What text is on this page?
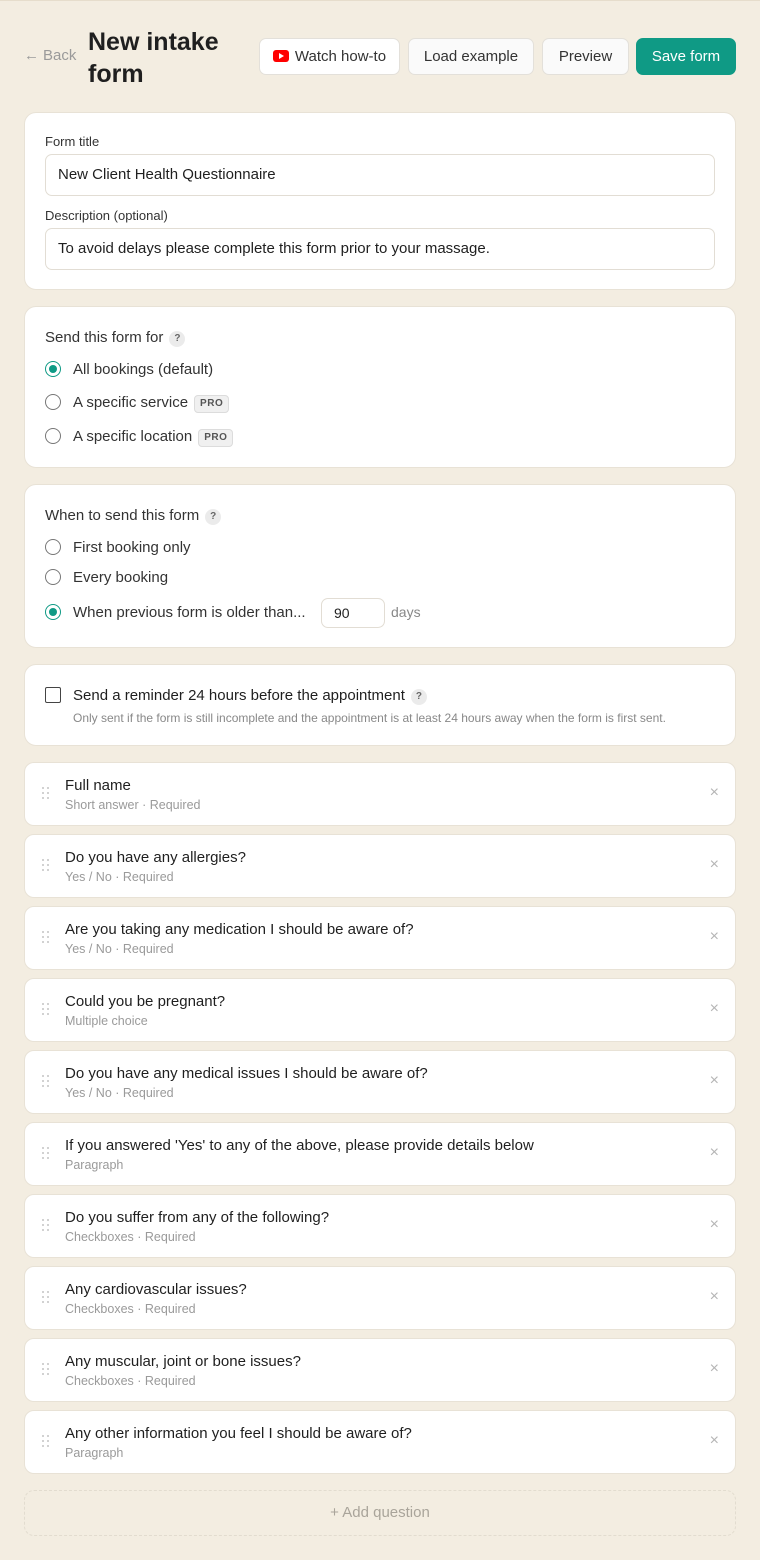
← Back New intake form
Watch how-to	Load example	Preview	Save form
Form title
New Client Health Questionnaire
Description (optional)
To avoid delays please complete this form prior to your massage.
Send this form for ?
All bookings (default)
A specific service PRO
A specific location PRO
When to send this form ?
First booking only
Every booking
When previous form is older than...	90	days
Send a reminder 24 hours before the appointment ?
Only sent if the form is still incomplete and the appointment is at least 24 hours away when the form is first sent.
Full name
Short answer · Required
×
Do you have any allergies?
Yes / No · Required
×
Are you taking any medication I should be aware of?
Yes / No · Required
×
Could you be pregnant?
Multiple choice
×
Do you have any medical issues I should be aware of?
Yes / No · Required
×
If you answered 'Yes' to any of the above, please provide details below
Paragraph
×
Do you suffer from any of the following?
Checkboxes · Required
×
Any cardiovascular issues?
Checkboxes · Required
×
Any muscular, joint or bone issues?
Checkboxes · Required
×
Any other information you feel I should be aware of?
Paragraph
×
+ Add question
